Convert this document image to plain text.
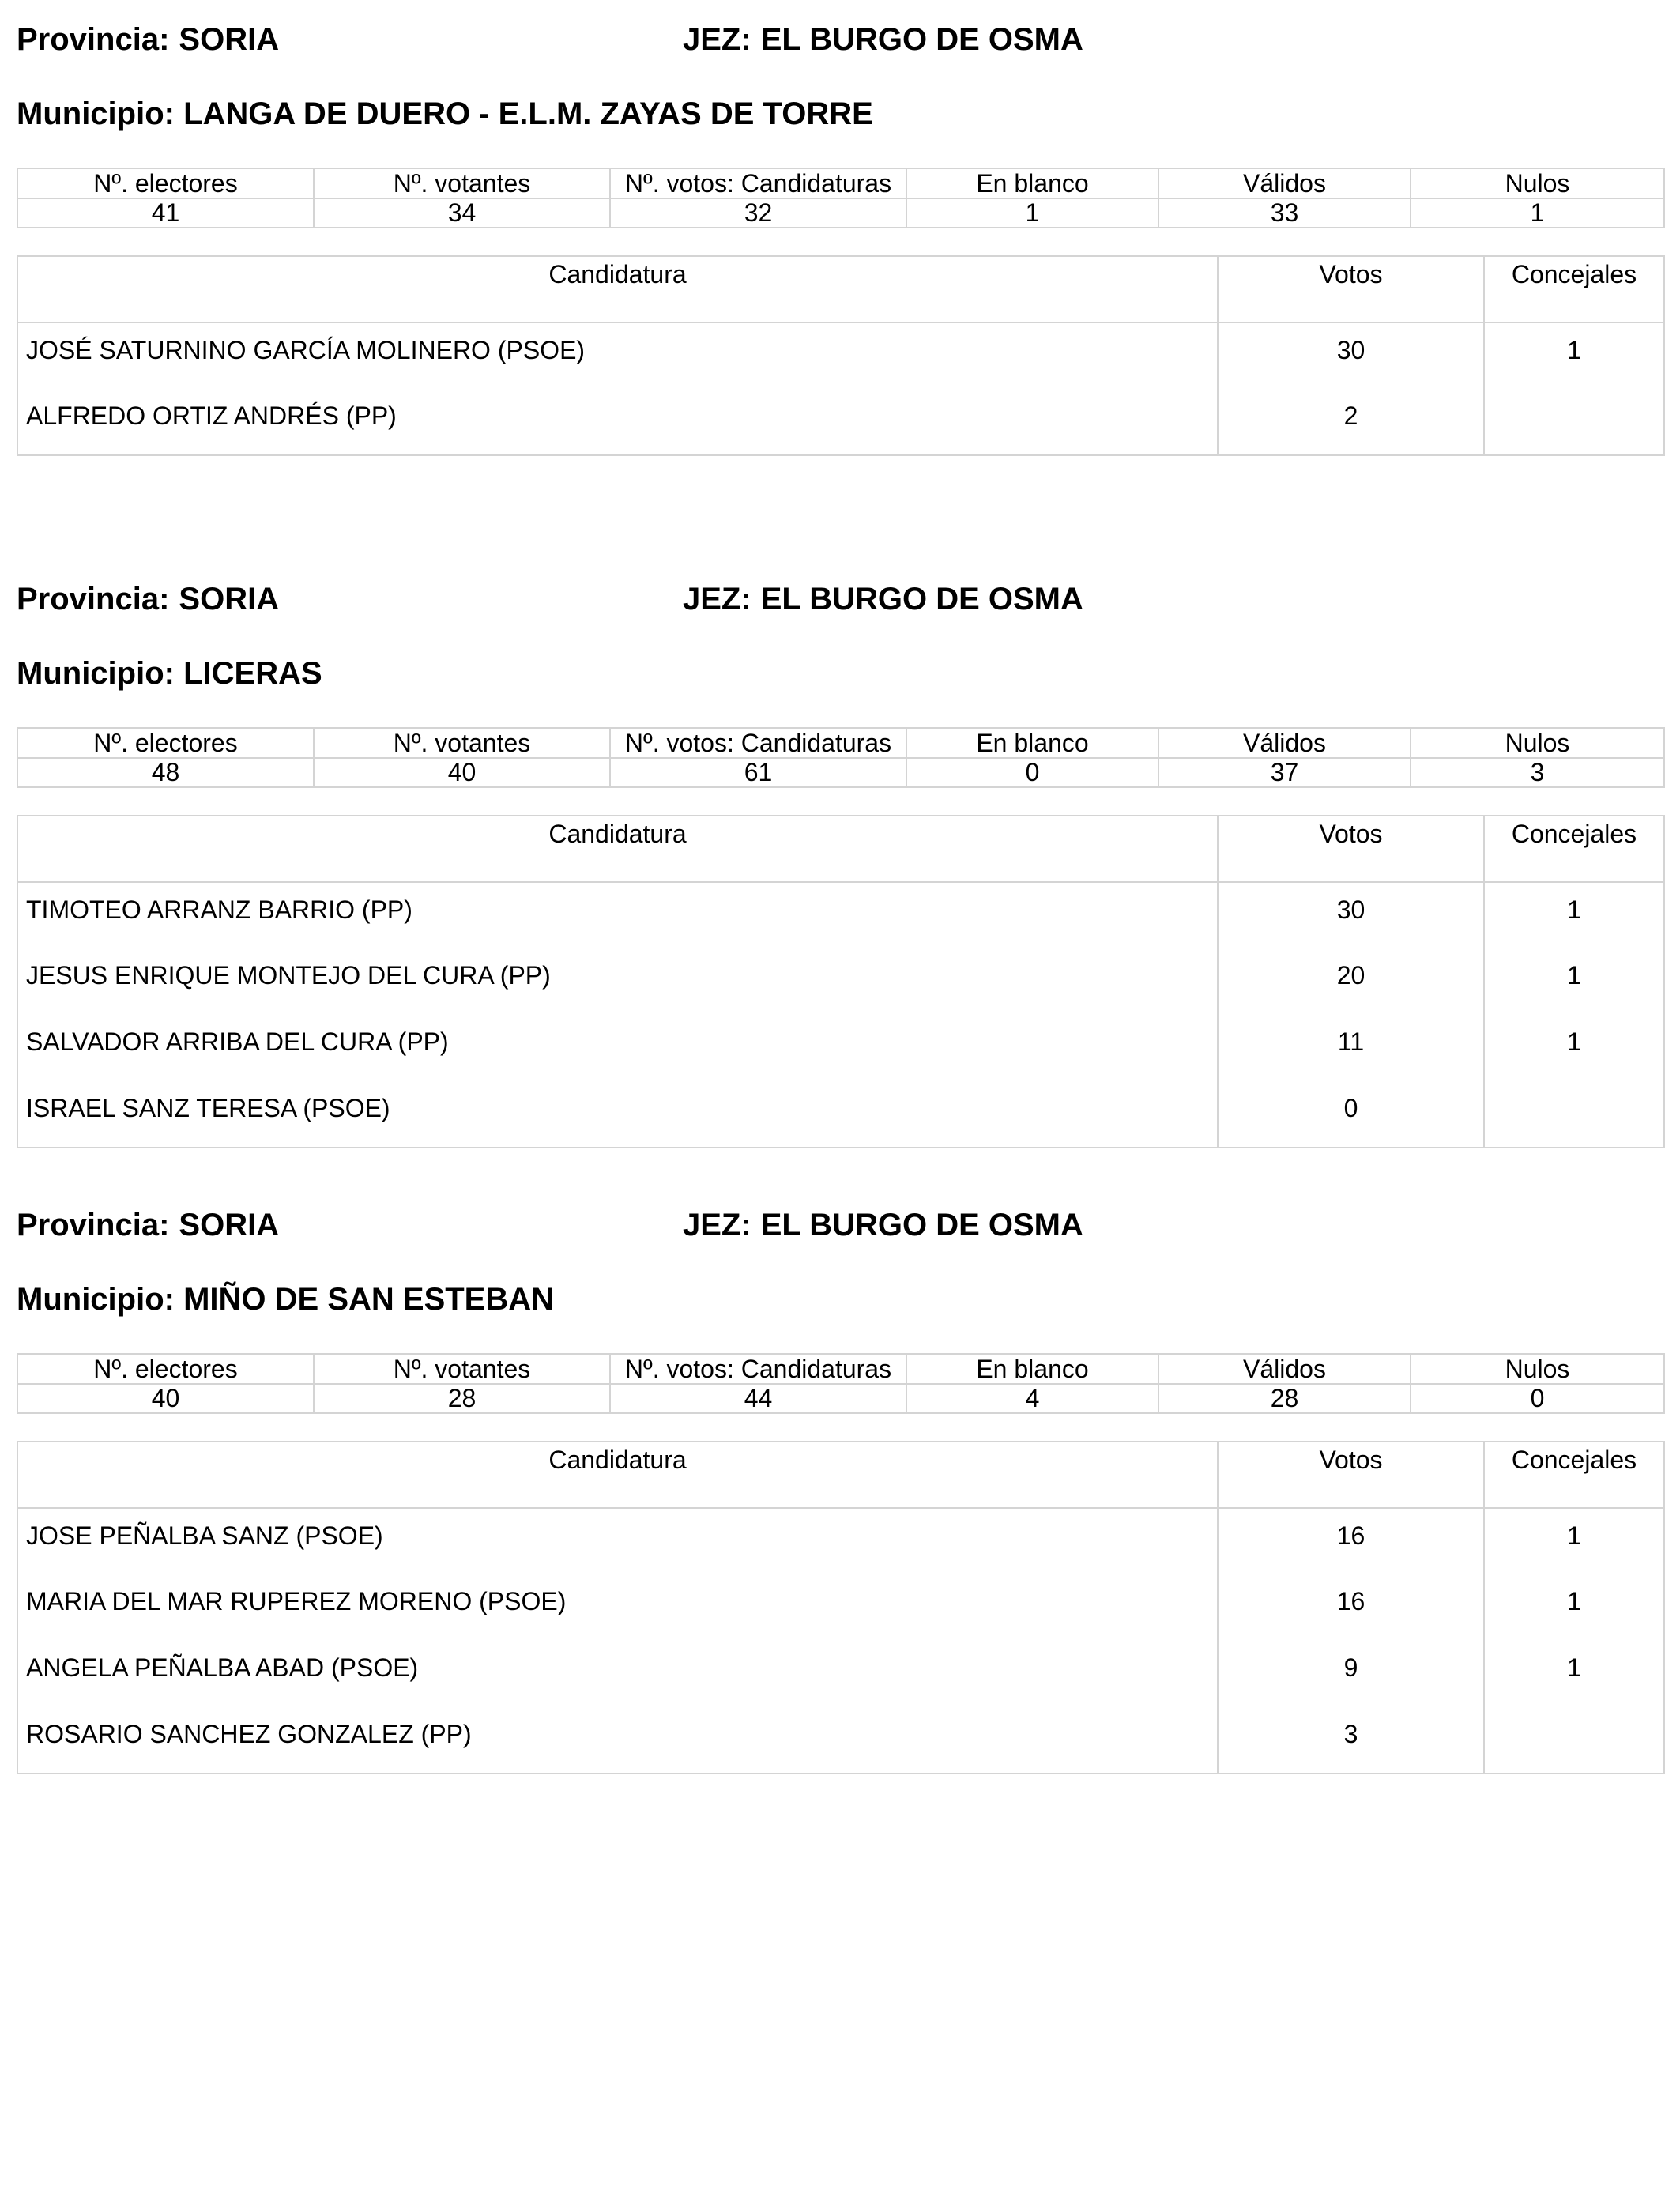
Provincia: SORIA	JEZ: EL BURGO DE OSMA
Municipio: LANGA DE DUERO - E.L.M. ZAYAS DE TORRE
Nº. electores	Nº. votantes	Nº. votos: Candidaturas	En blanco	Válidos	Nulos
41	34	32	1	33	1
Candidatura	Votos	Concejales
JOSÉ SATURNINO GARCÍA MOLINERO (PSOE)	30	1
ALFREDO ORTIZ ANDRÉS (PP)	2	
Provincia: SORIA	JEZ: EL BURGO DE OSMA
Municipio: LICERAS
Nº. electores	Nº. votantes	Nº. votos: Candidaturas	En blanco	Válidos	Nulos
48	40	61	0	37	3
Candidatura	Votos	Concejales
TIMOTEO ARRANZ BARRIO (PP)	30	1
JESUS ENRIQUE MONTEJO DEL CURA (PP)	20	1
SALVADOR ARRIBA DEL CURA (PP)	11	1
ISRAEL SANZ TERESA (PSOE)	0	
Provincia: SORIA	JEZ: EL BURGO DE OSMA
Municipio: MIÑO DE SAN ESTEBAN
Nº. electores	Nº. votantes	Nº. votos: Candidaturas	En blanco	Válidos	Nulos
40	28	44	4	28	0
Candidatura	Votos	Concejales
JOSE PEÑALBA SANZ (PSOE)	16	1
MARIA DEL MAR RUPEREZ MORENO (PSOE)	16	1
ANGELA PEÑALBA ABAD (PSOE)	9	1
ROSARIO SANCHEZ GONZALEZ (PP)	3	
